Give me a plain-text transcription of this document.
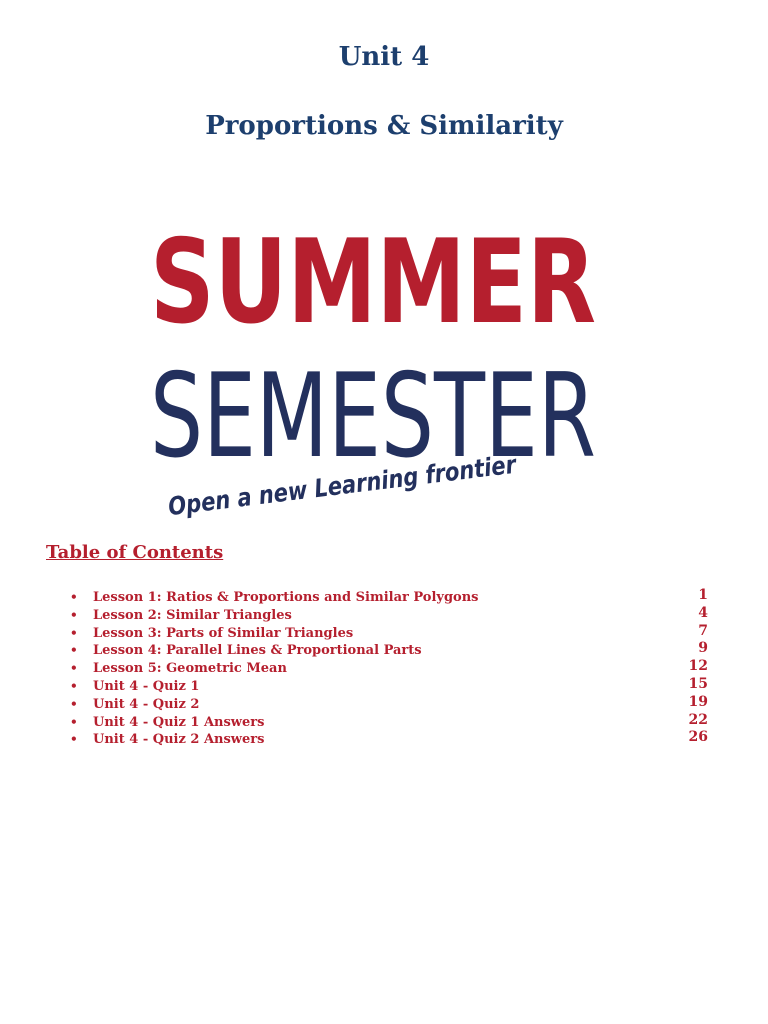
Unit 4
Proportions & Similarity
SUMMER
SEMESTER
Open a new Learning frontier
Table of Contents
• Lesson 1: Ratios & Proportions and Similar Polygons	1
• Lesson 2: Similar Triangles	4
• Lesson 3: Parts of Similar Triangles	7
• Lesson 4: Parallel Lines & Proportional Parts	9
• Lesson 5: Geometric Mean	12
• Unit 4 - Quiz 1	15
• Unit 4 - Quiz 2	19
• Unit 4 - Quiz 1 Answers	22
• Unit 4 - Quiz 2 Answers	26
